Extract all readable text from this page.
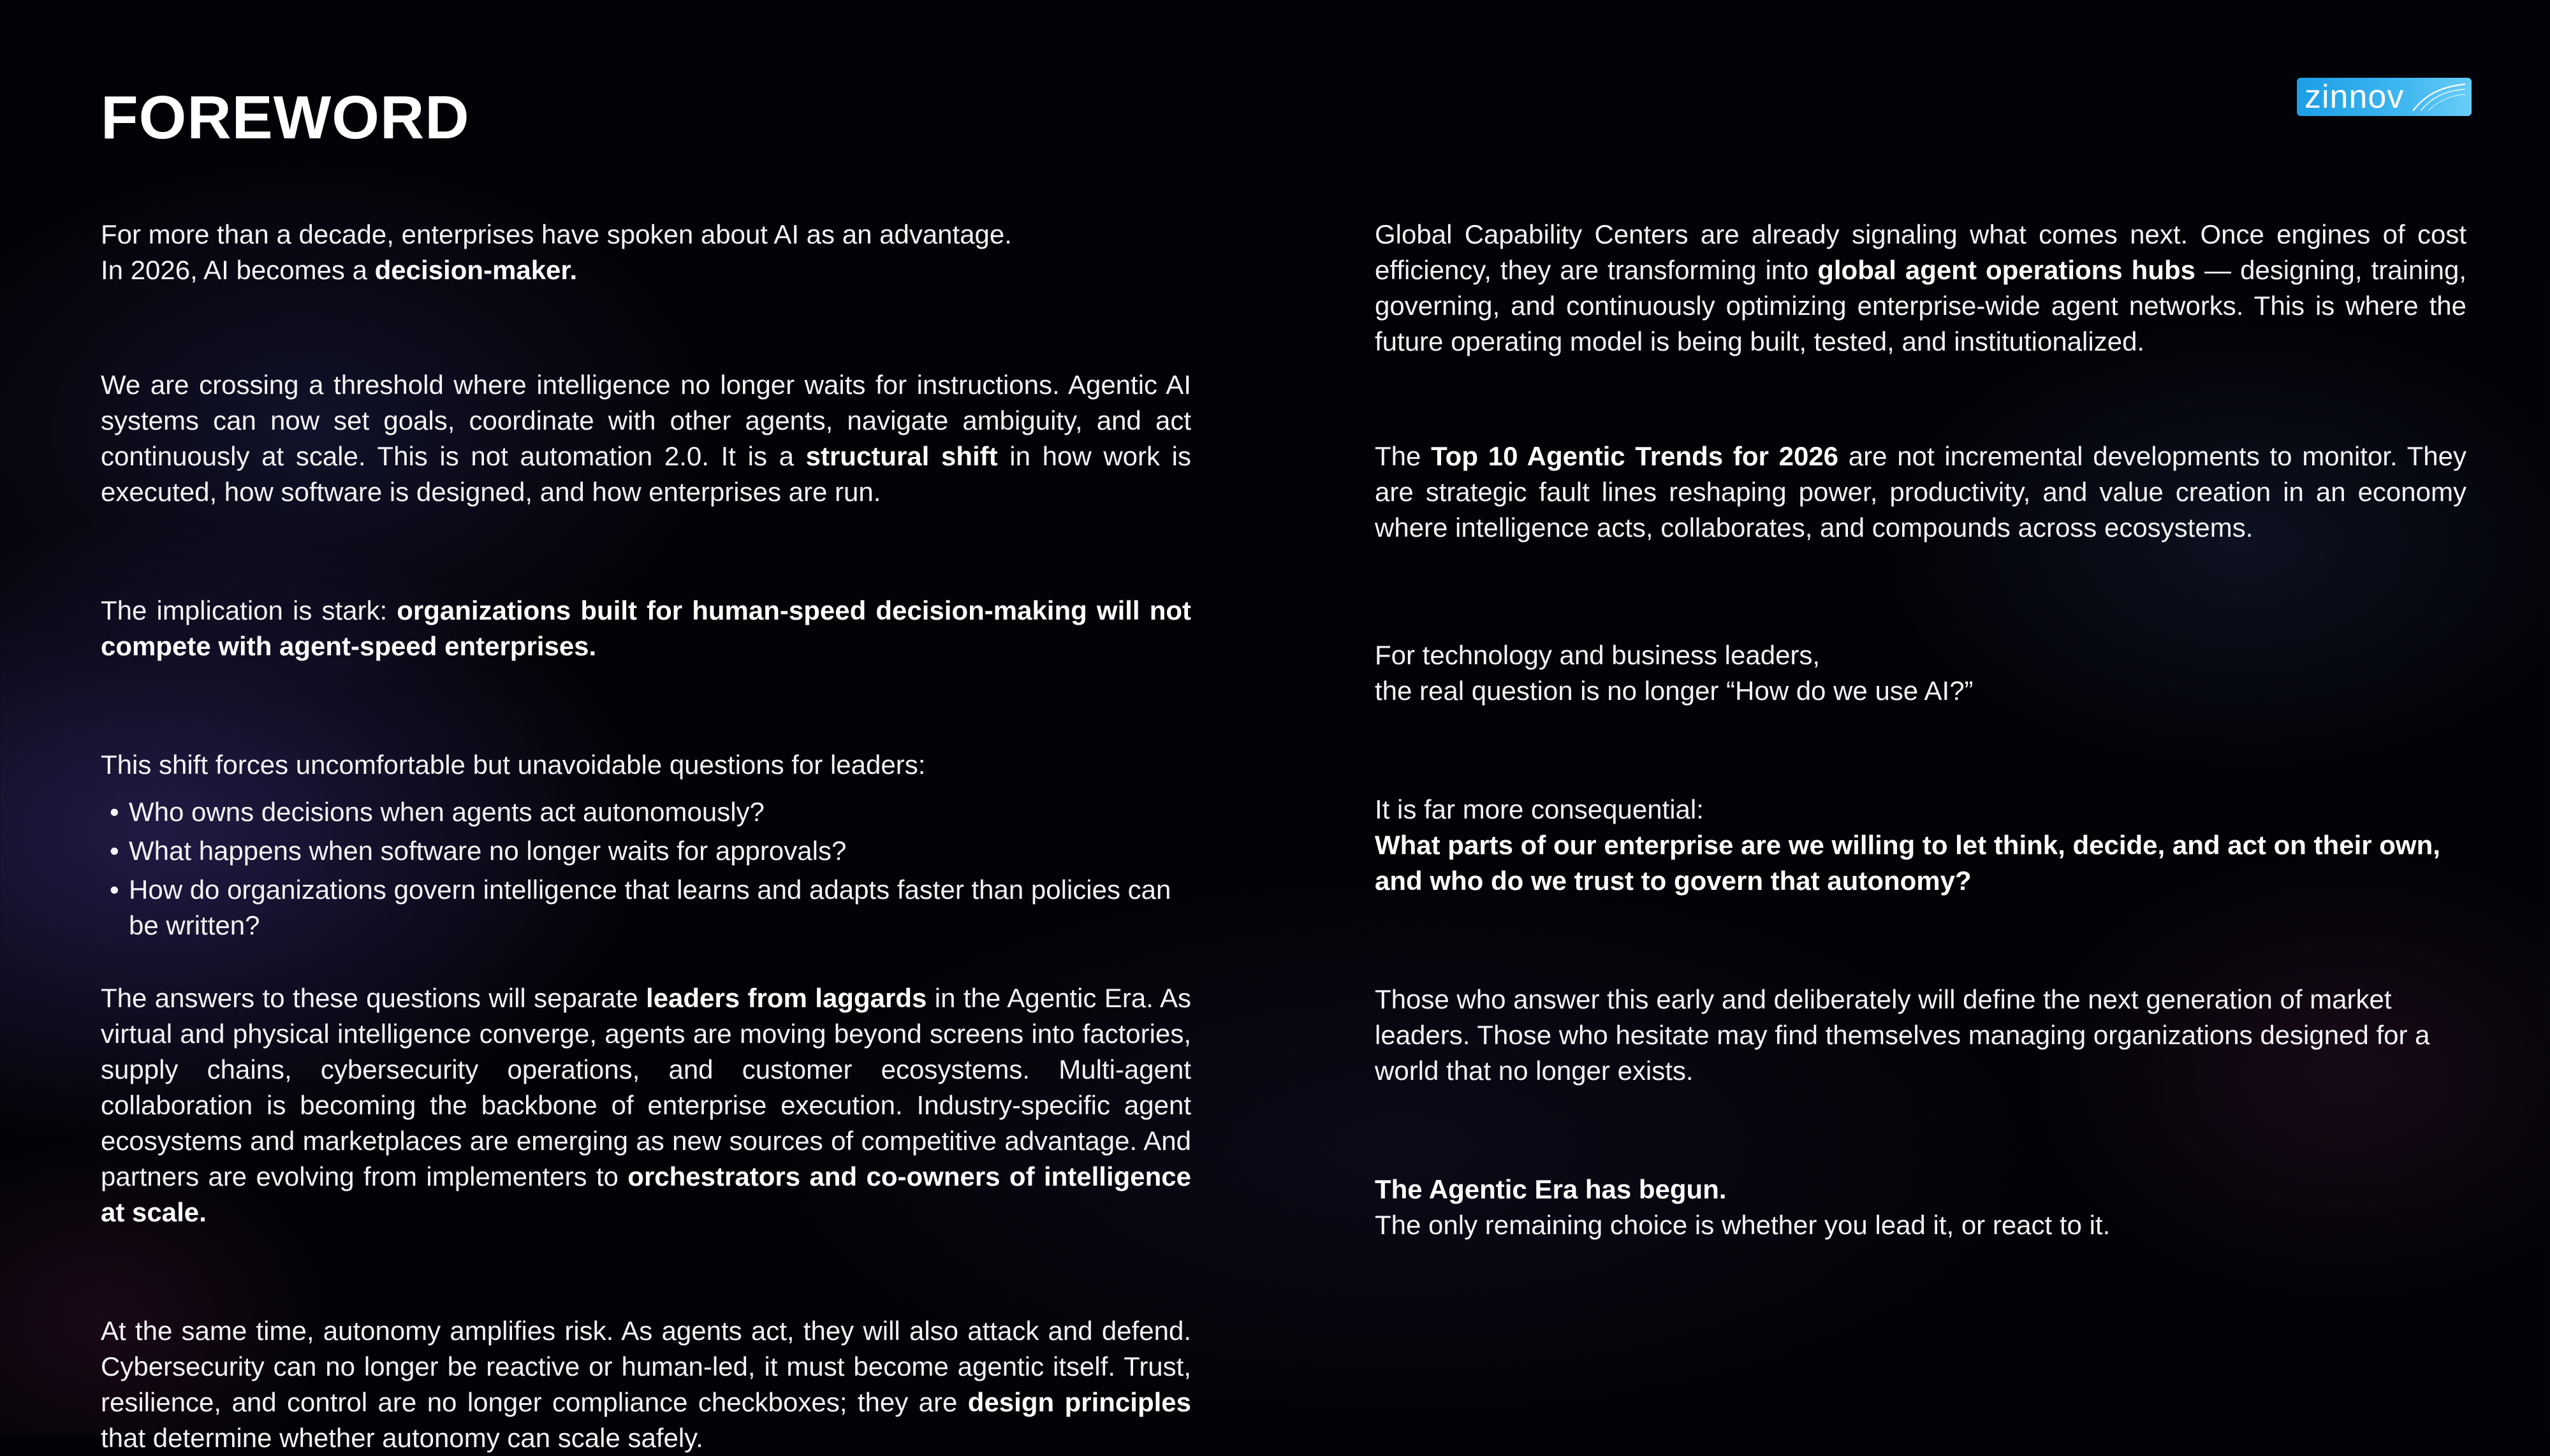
FOREWORD	zinnov

For more than a decade, enterprises have spoken about AI as an advantage.
In 2026, AI becomes a decision-maker.

We are crossing a threshold where intelligence no longer waits for instructions. Agentic AI systems can now set goals, coordinate with other agents, navigate ambiguity, and act continuously at scale. This is not automation 2.0. It is a structural shift in how work is executed, how software is designed, and how enterprises are run.

The implication is stark: organizations built for human-speed decision-making will not compete with agent-speed enterprises.

This shift forces uncomfortable but unavoidable questions for leaders:

• Who owns decisions when agents act autonomously?
• What happens when software no longer waits for approvals?
• How do organizations govern intelligence that learns and adapts faster than policies can be written?

The answers to these questions will separate leaders from laggards in the Agentic Era. As virtual and physical intelligence converge, agents are moving beyond screens into factories, supply chains, cybersecurity operations, and customer ecosystems. Multi-agent collaboration is becoming the backbone of enterprise execution. Industry-specific agent ecosystems and marketplaces are emerging as new sources of competitive advantage. And partners are evolving from implementers to orchestrators and co-owners of intelligence at scale.

At the same time, autonomy amplifies risk. As agents act, they will also attack and defend. Cybersecurity can no longer be reactive or human-led, it must become agentic itself. Trust, resilience, and control are no longer compliance checkboxes; they are design principles that determine whether autonomy can scale safely.

Global Capability Centers are already signaling what comes next. Once engines of cost efficiency, they are transforming into global agent operations hubs — designing, training, governing, and continuously optimizing enterprise-wide agent networks. This is where the future operating model is being built, tested, and institutionalized.

The Top 10 Agentic Trends for 2026 are not incremental developments to monitor. They are strategic fault lines reshaping power, productivity, and value creation in an economy where intelligence acts, collaborates, and compounds across ecosystems.

For technology and business leaders,
the real question is no longer “How do we use AI?”

It is far more consequential:
What parts of our enterprise are we willing to let think, decide, and act on their own, and who do we trust to govern that autonomy?

Those who answer this early and deliberately will define the next generation of market leaders. Those who hesitate may find themselves managing organizations designed for a world that no longer exists.

The Agentic Era has begun.
The only remaining choice is whether you lead it, or react to it.
